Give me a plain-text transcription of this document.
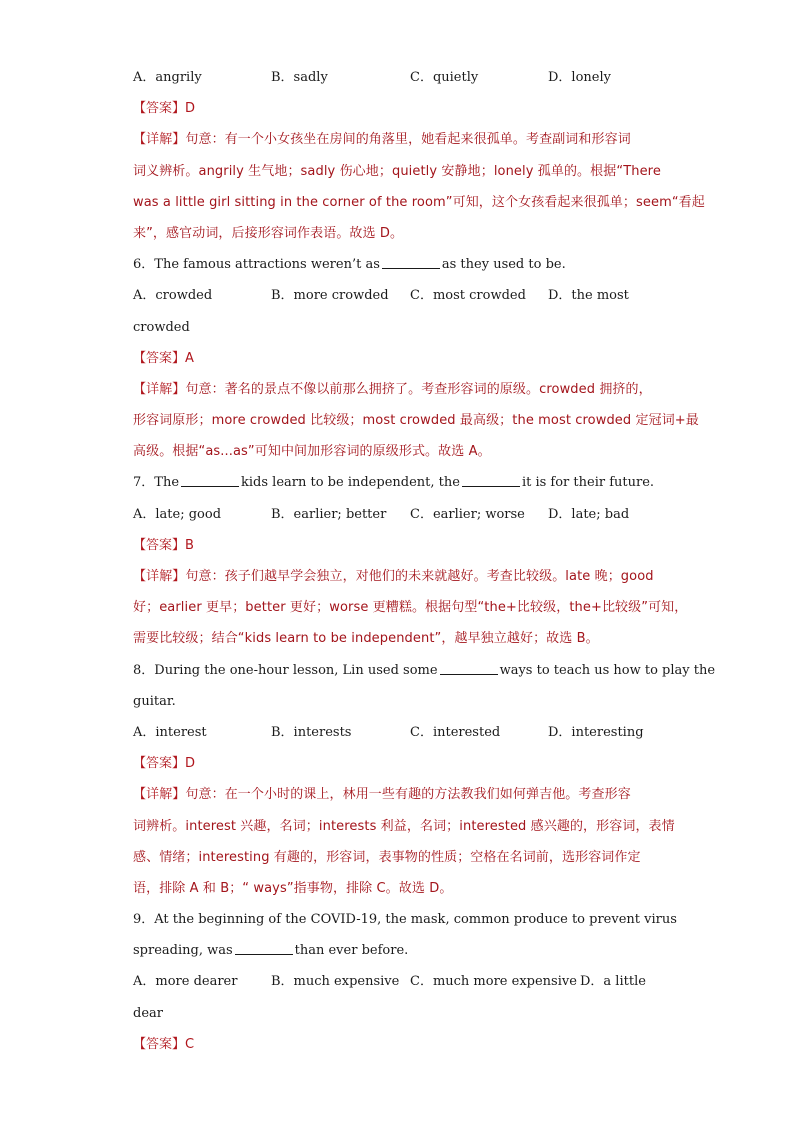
A．angrily	B．sadly	C．quietly	D．lonely
【答案】D
【详解】句意：有一个小女孩坐在房间的角落里，她看起来很孤单。考查副词和形容词
词义辨析。angrily 生气地；sadly 伤心地；quietly 安静地；lonely 孤单的。根据“There
was a little girl sitting in the corner of the room”可知，这个女孩看起来很孤单；seem“看起
来”，感官动词，后接形容词作表语。故选 D。
6．The famous attractions weren’t as	as they used to be.
A．crowded	B．more crowded C．most crowded D．the most
crowded
【答案】A
【详解】句意：著名的景点不像以前那么拥挤了。考查形容词的原级。crowded 拥挤的，
形容词原形；more crowded 比较级；most crowded 最高级；the most crowded 定冠词+最
高级。根据“as...as”可知中间加形容词的原级形式。故选 A。
7．The	kids learn to be independent, the	it is for their future.
A．late; good	B．earlier; better C．earlier; worse D．late; bad
【答案】B
【详解】句意：孩子们越早学会独立，对他们的未来就越好。考查比较级。late 晚；good
好；earlier 更早；better 更好；worse 更糟糕。根据句型“the+比较级，the+比较级”可知，
需要比较级；结合“kids learn to be independent”，越早独立越好；故选 B。
8．During the one-hour lesson, Lin used some	ways to teach us how to play the
guitar.
A．interest	B．interests	C．interested	D．interesting
【答案】D
【详解】句意：在一个小时的课上，林用一些有趣的方法教我们如何弹吉他。考查形容
词辨析。interest 兴趣，名词；interests 利益，名词；interested 感兴趣的，形容词，表情
感、情绪；interesting 有趣的，形容词，表事物的性质；空格在名词前，选形容词作定
语，排除 A 和 B；“ ways”指事物，排除 C。故选 D。
9．At the beginning of the COVID-19, the mask, common produce to prevent virus
spreading, was	than ever before.
A．more dearer	B．much expensive C．much more expensive D．a little
dear
【答案】C
